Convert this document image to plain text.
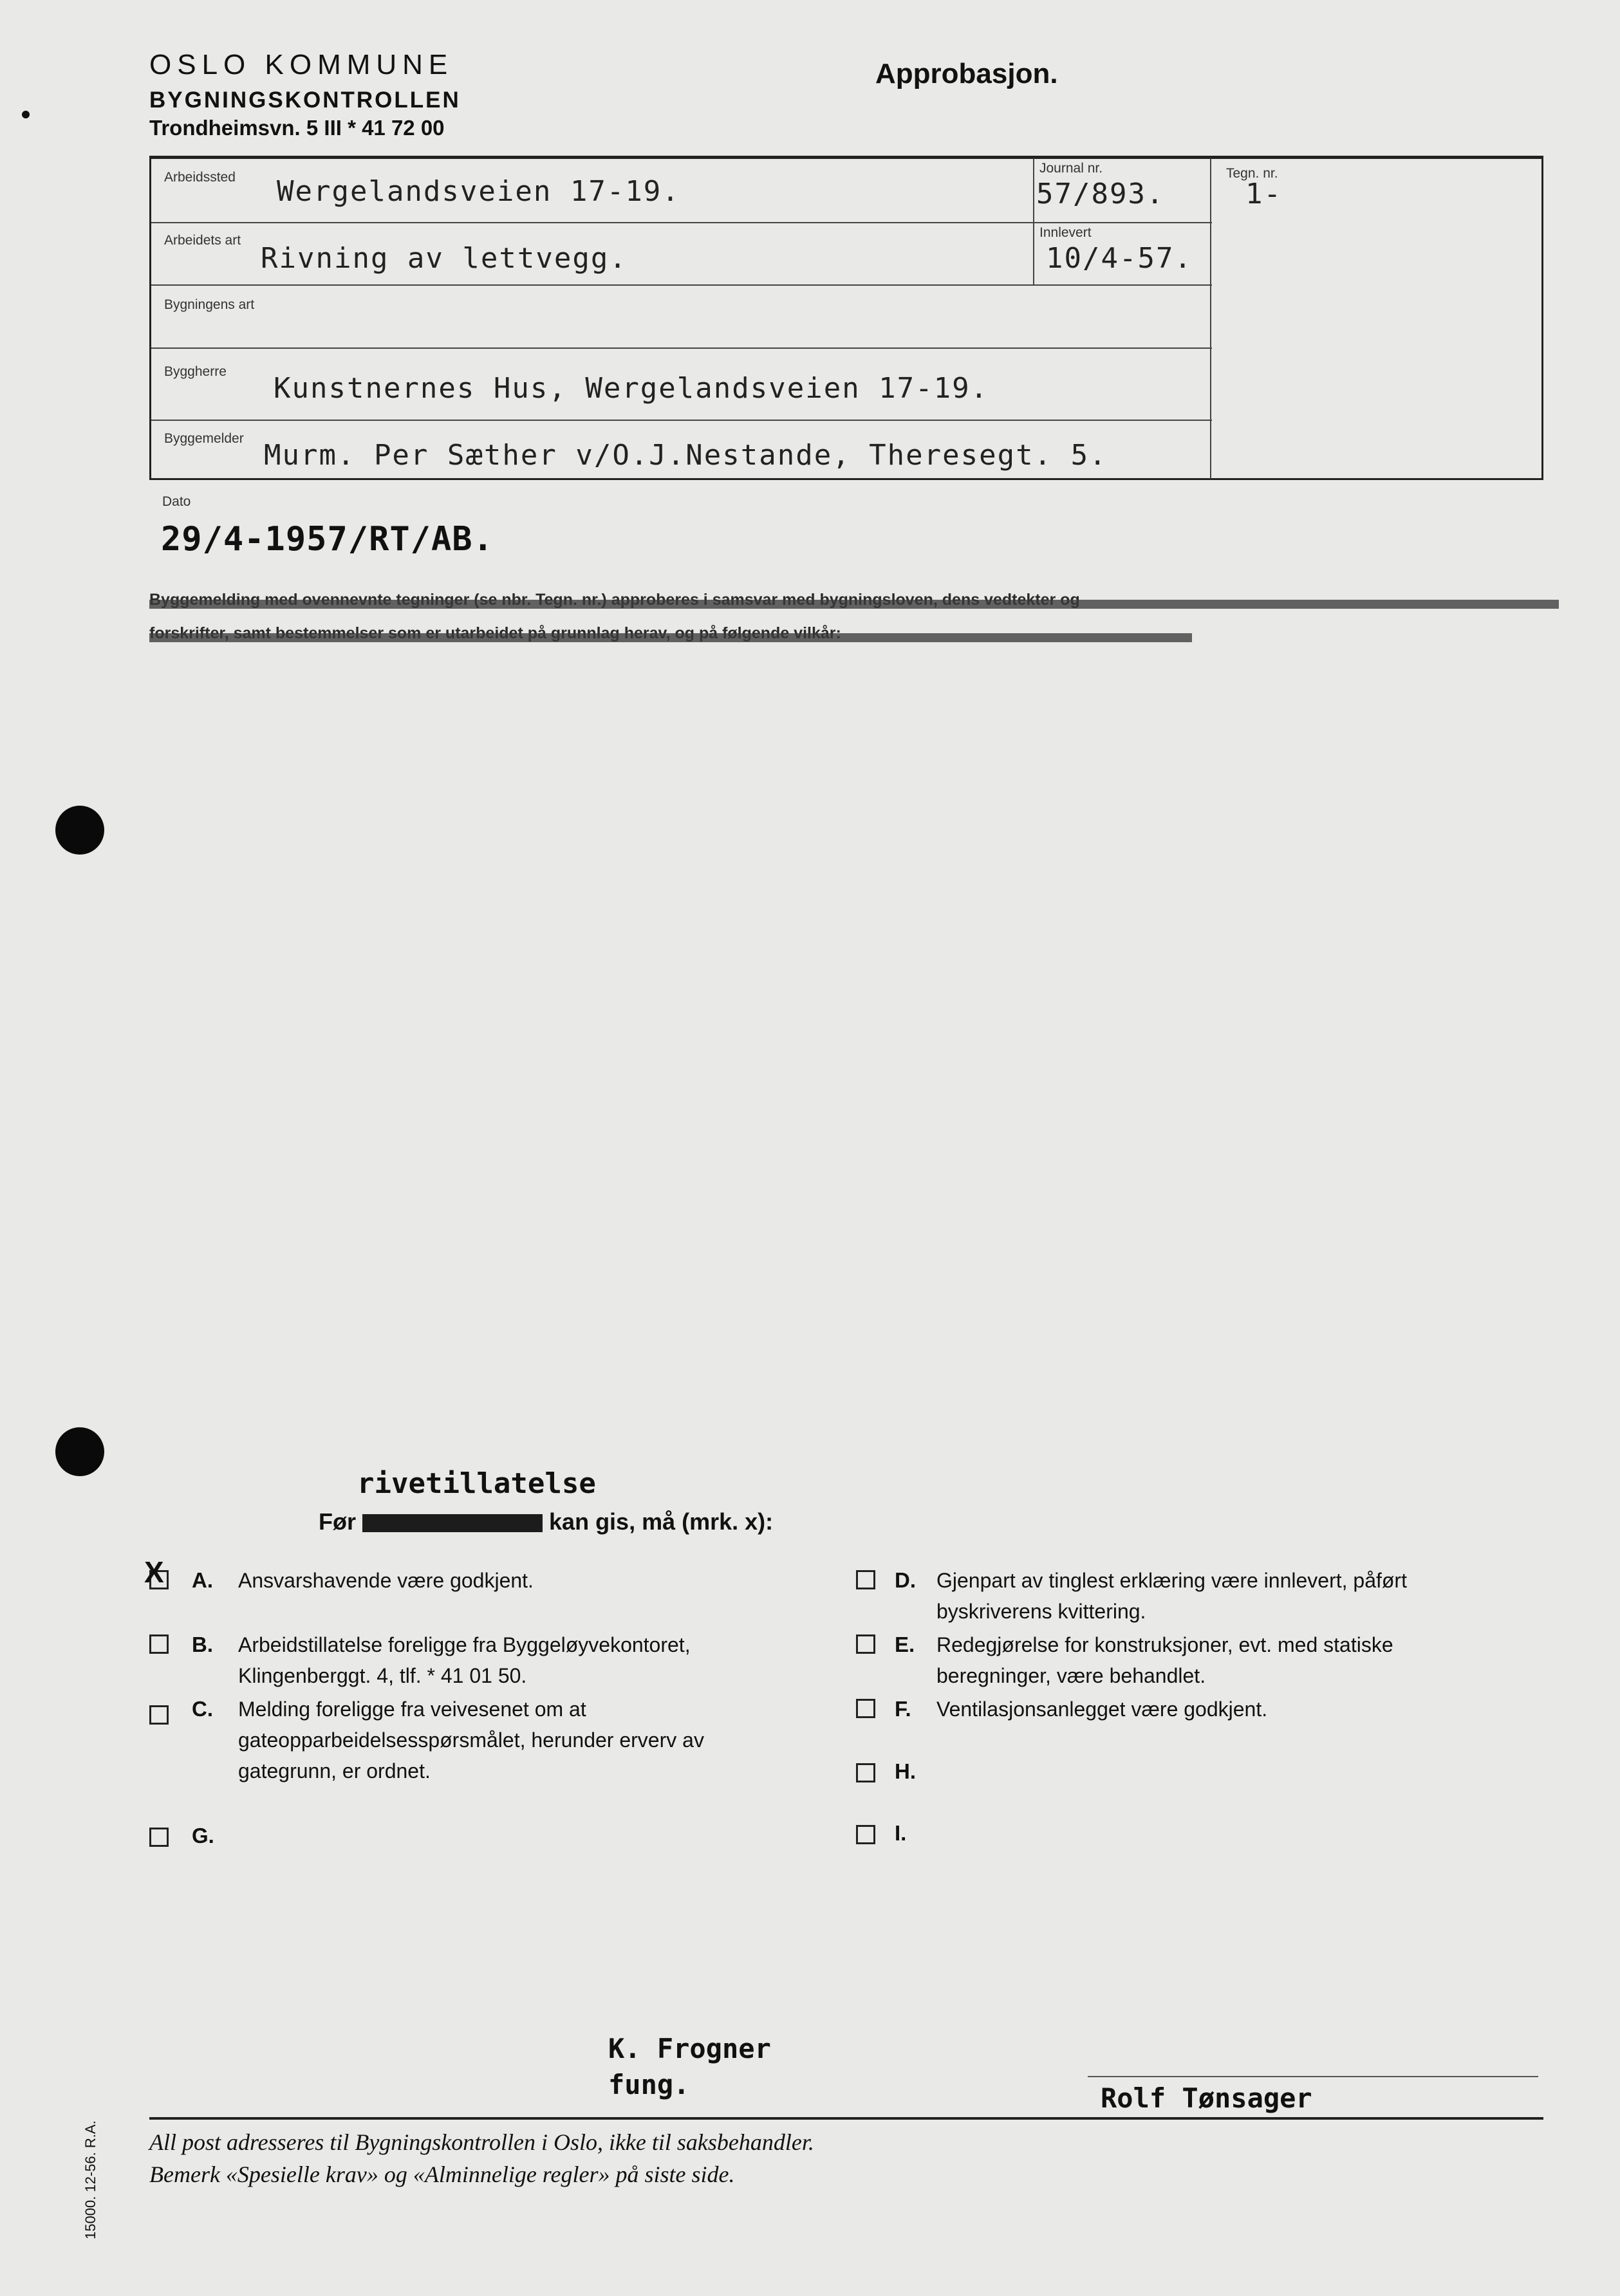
OSLO KOMMUNE
BYGNINGSKONTROLLEN
Trondheimsvn. 5 III * 41 72 00
Approbasjon.
Arbeidssted Wergelandsveien 17-19.
Journal nr.
57/893.
Tegn. nr.
1-
Arbeidets art
Rivning av lettvegg.
Innlevert
10/4-57.
Bygningens art
Byggherre
Kunstnernes Hus, Wergelandsveien 17-19.
Byggemelder
Murm. Per Sæther v/O.J.Nestande, Theresegt. 5.
Dato
29/4-1957/RT/AB.
rivetillatelse
Før	kan gis, må (mrk. x):
X A. Ansvarshavende være godkjent.
B. Arbeidstillatelse foreligge fra Byggeløyvekontoret, Klingenberggt. 4, tlf. * 41 01 50.
C. Melding foreligge fra veivesenet om at gateopparbeidelsesspørsmålet, herunder erverv av gategrunn, er ordnet.
G.
D. Gjenpart av tinglest erklæring være innlevert, påført byskriverens kvittering.
E. Redegjørelse for konstruksjoner, evt. med statiske beregninger, være behandlet.
F. Ventilasjonsanlegget være godkjent.
H.
I.
K. Frogner
fung.	Rolf Tønsager
All post adresseres til Bygningskontrollen i Oslo, ikke til saksbehandler.
Bemerk «Spesielle krav» og «Alminnelige regler» på siste side.
15000. 12-56. R.A.
